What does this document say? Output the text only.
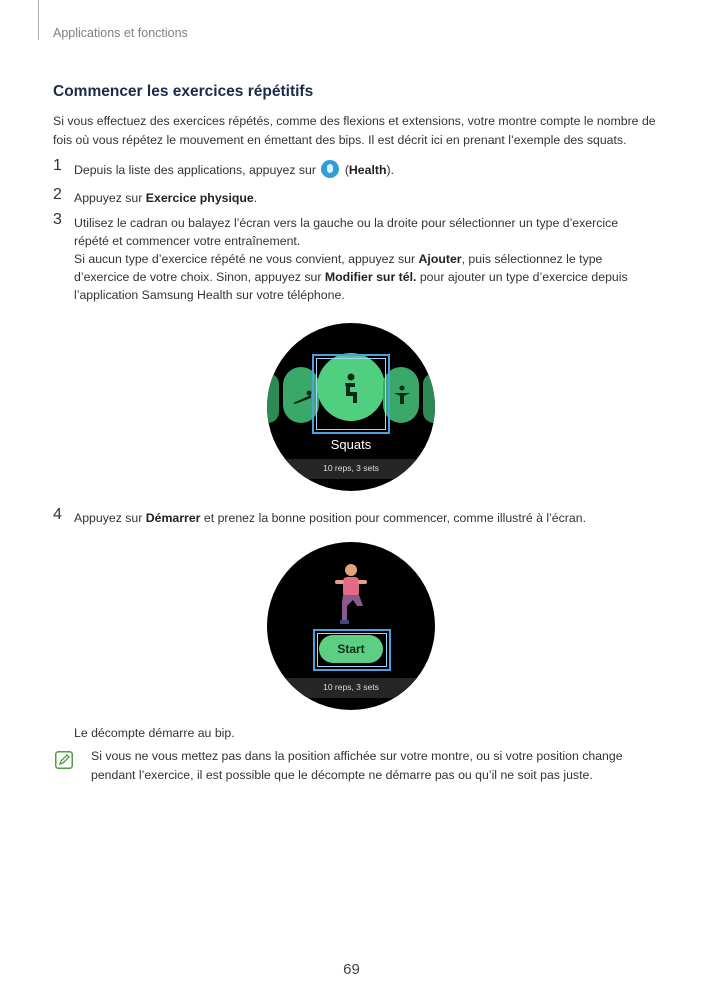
Applications et fonctions
Commencer les exercices répétitifs

Si vous effectuez des exercices répétés, comme des flexions et extensions, votre montre compte le nombre de fois où vous répétez le mouvement en émettant des bips. Il est décrit ici en prenant l’exemple des squats.

1 Depuis la liste des applications, appuyez sur  (Health).
2 Appuyez sur Exercice physique.
3 Utilisez le cadran ou balayez l’écran vers la gauche ou la droite pour sélectionner un type d’exercice répété et commencer votre entraînement.
Si aucun type d’exercice répété ne vous convient, appuyez sur Ajouter, puis sélectionnez le type d’exercice de votre choix. Sinon, appuyez sur Modifier sur tél. pour ajouter un type d’exercice depuis l’application Samsung Health sur votre téléphone.
Squats
10 reps, 3 sets
4 Appuyez sur Démarrer et prenez la bonne position pour commencer, comme illustré à l’écran.
Start
10 reps, 3 sets
Le décompte démarre au bip.

Si vous ne vous mettez pas dans la position affichée sur votre montre, ou si votre position change pendant l’exercice, il est possible que le décompte ne démarre pas ou qu’il ne soit pas juste.

69
